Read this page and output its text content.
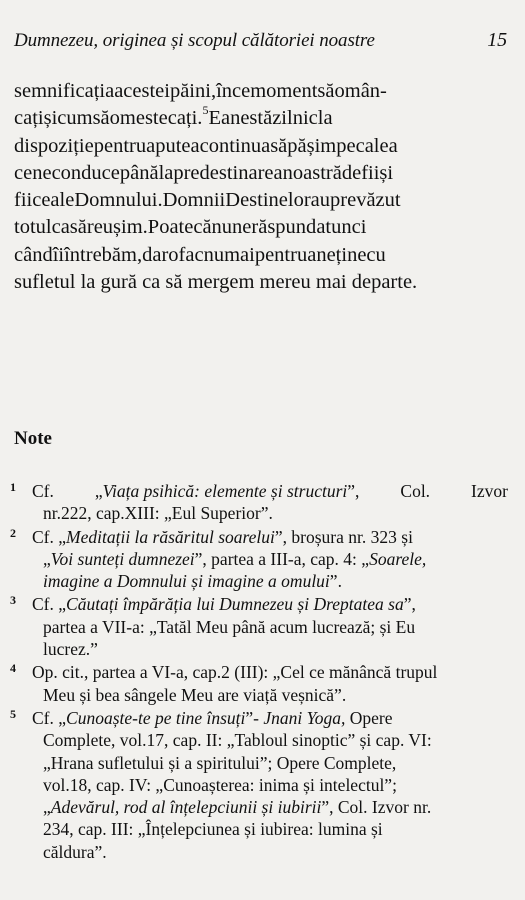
Dumnezeu, originea și scopul călătoriei noastre	15
semnificațiaacesteipăini,încemomentsăomân-
cațișicumsăomestecați.$^5$Eanestăzilnicla
dispozițiepentruaputeacontinuasăpășimpecalea
ceneconducepânălapredestinareanoastrădefiiși
fiicealeDomnului.DomniiDestinelorauprevăzut
totulcasăreușim.Poatecănunerăspundatunci
cândîiîntrebăm,darofacnumaipentruaneținecu
sufletul la gură ca să mergem mereu mai departe.
Note
1 Cf. „Viața psihică: elemente și structuri”, Col. Izvor
nr.222, cap.XIII: „Eul Superior”.
2 Cf. „Meditații la răsăritul soarelui”, broșura nr. 323 și
„Voi sunteți dumnezei”, partea a III-a, cap. 4: „Soarele,
imagine a Domnului și imagine a omului”.
3 Cf. „Căutați împărăția lui Dumnezeu și Dreptatea sa”,
partea a VII-a: „Tatăl Meu până acum lucrează; și Eu
lucrez.”
4 Op. cit., partea a VI-a, cap.2 (III): „Cel ce mănâncă trupul
Meu și bea sângele Meu are viață veșnică”.
5 Cf. „Cunoaște-te pe tine însuți”- Jnani Yoga, Opere
Complete, vol.17, cap. II: „Tabloul sinoptic” și cap. VI:
„Hrana sufletului și a spiritului”; Opere Complete,
vol.18, cap. IV: „Cunoașterea: inima și intelectul”;
„Adevărul, rod al înțelepciunii și iubirii”, Col. Izvor nr.
234, cap. III: „Înțelepciunea și iubirea: lumina și
căldura”.
